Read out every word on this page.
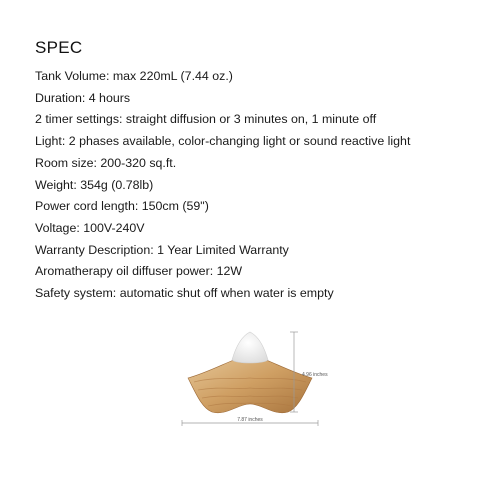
SPEC
Tank Volume: max 220mL (7.44 oz.)
Duration: 4 hours
2 timer settings: straight diffusion or 3 minutes on, 1 minute off
Light: 2 phases available, color-changing light or sound reactive light
Room size: 200-320 sq.ft.
Weight: 354g (0.78lb)
Power cord length: 150cm (59")
Voltage: 100V-240V
Warranty Description: 1 Year Limited Warranty
Aromatherapy oil diffuser power: 12W
Safety system: automatic shut off when water is empty
4.96 inches
7.87 inches
